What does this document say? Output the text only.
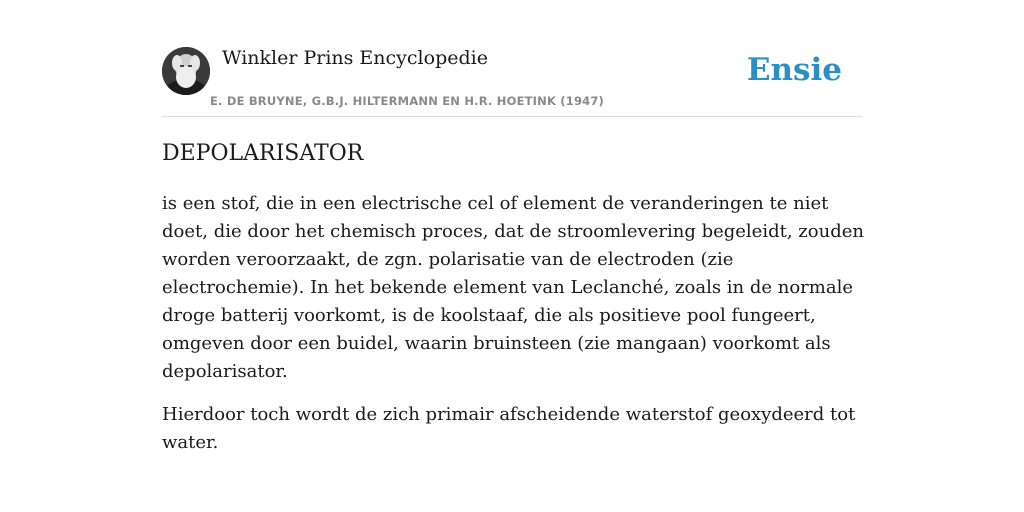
Winkler Prins Encyclopedie
E. DE BRUYNE, G.B.J. HILTERMANN EN H.R. HOETINK (1947)
Ensie
DEPOLARISATOR

is een stof, die in een electrische cel of element de veranderingen te niet doet, die door het chemisch proces, dat de stroomlevering begeleidt, zouden worden veroorzaakt, de zgn. polarisatie van de electroden (zie electrochemie). In het bekende element van Leclanché, zoals in de normale droge batterij voorkomt, is de koolstaaf, die als positieve pool fungeert, omgeven door een buidel, waarin bruinsteen (zie mangaan) voorkomt als depolarisator.

Hierdoor toch wordt de zich primair afscheidende waterstof geoxydeerd tot water.
